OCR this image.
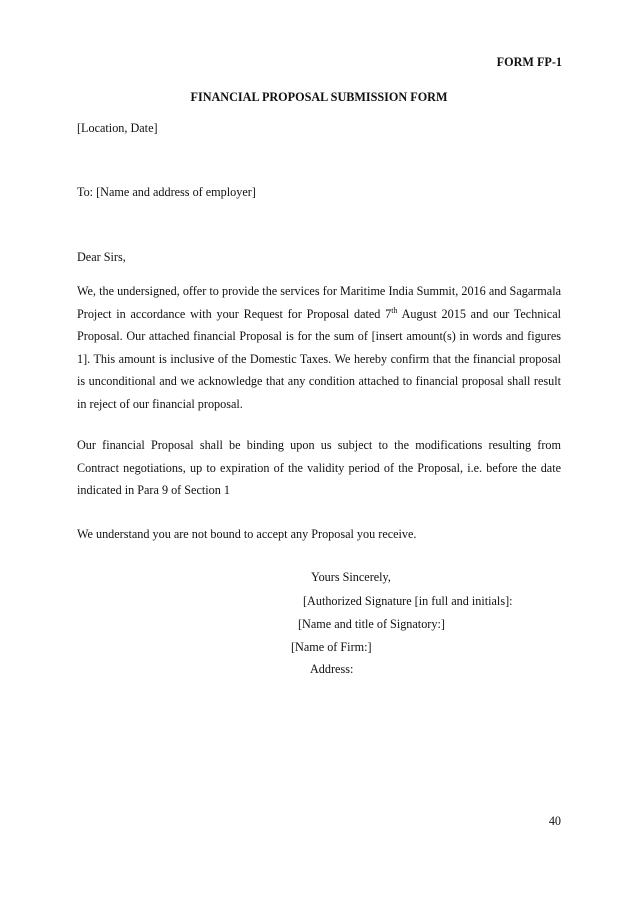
FORM FP-1
FINANCIAL PROPOSAL SUBMISSION FORM
[Location, Date]
To: [Name and address of employer]
Dear Sirs,
We, the undersigned, offer to provide the services for Maritime India Summit, 2016 and Sagarmala Project in accordance with your Request for Proposal dated 7th August 2015 and our Technical Proposal. Our attached financial Proposal is for the sum of [insert amount(s) in words and figures 1]. This amount is inclusive of the Domestic Taxes. We hereby confirm that the financial proposal is unconditional and we acknowledge that any condition attached to financial proposal shall result in reject of our financial proposal.
Our financial Proposal shall be binding upon us subject to the modifications resulting from Contract negotiations, up to expiration of the validity period of the Proposal, i.e. before the date indicated in Para 9 of Section 1
We understand you are not bound to accept any Proposal you receive.
Yours Sincerely,
[Authorized Signature [in full and initials]:
[Name and title of Signatory:]
[Name of Firm:]
Address:
40
